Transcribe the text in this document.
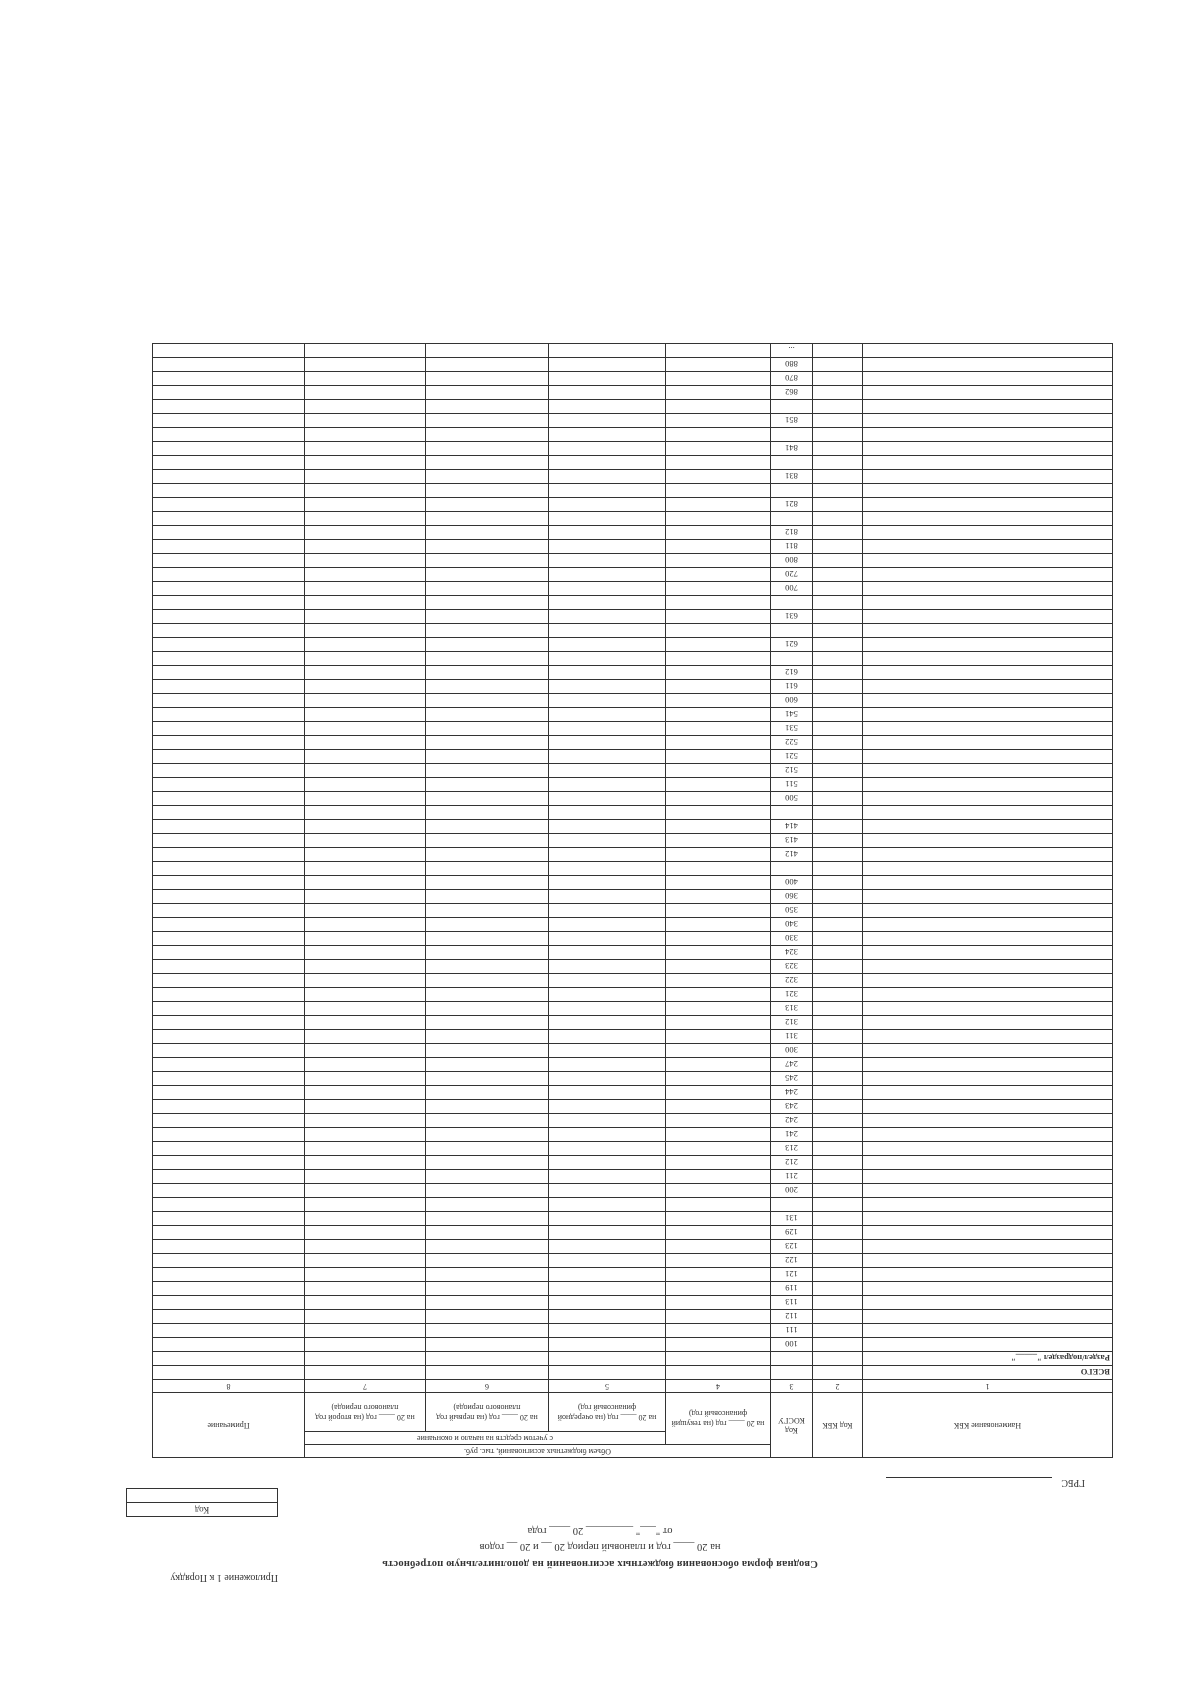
Приложение 1 к Порядку
Сводная форма обоснования бюджетных ассигнований на дополнительную потребность
на 20 ____ год и плановый период 20 __ и 20 __ годов
от "___" _________ 20 ____ года
Код
ГРБС
Наименование КБК	Код КБК	Код КОСГУ	Объем бюджетных ассигнований, тыс. руб.				Примечание
			на 20 ____ год (на текущий финансовый год)	с учетом средств на начало и окончание			
				на 20 ____ год (на очередной финансовый год)	на 20 ____ год (на первый год планового периода)	на 20 ____ год (на второй год планового периода)	
1	2	3	4	5	6	7	8
ВСЕГО							
Раздел/подраздел "_____"							
		100					
		111					
		112					
		113					
		119					
		121					
		122					
		123					
		129					
		131					

		200					
		211					
		212					
		213					
		241					
		242					
		243					
		244					
		245					
		247					
		300					
		311					
		312					
		313					
		321					
		322					
		323					
		324					
		330					
		340					
		350					
		360					
		400					

		412					
		413					
		414					

		500					
		511					
		512					
		521					
		522					
		531					
		541					
		600					
		611					
		612					

		621					

		631					

		700					
		720					
		800					
		811					
		812					

		821					

		831					

		841					

		851					

		862					
		870					
		880					
		...					
